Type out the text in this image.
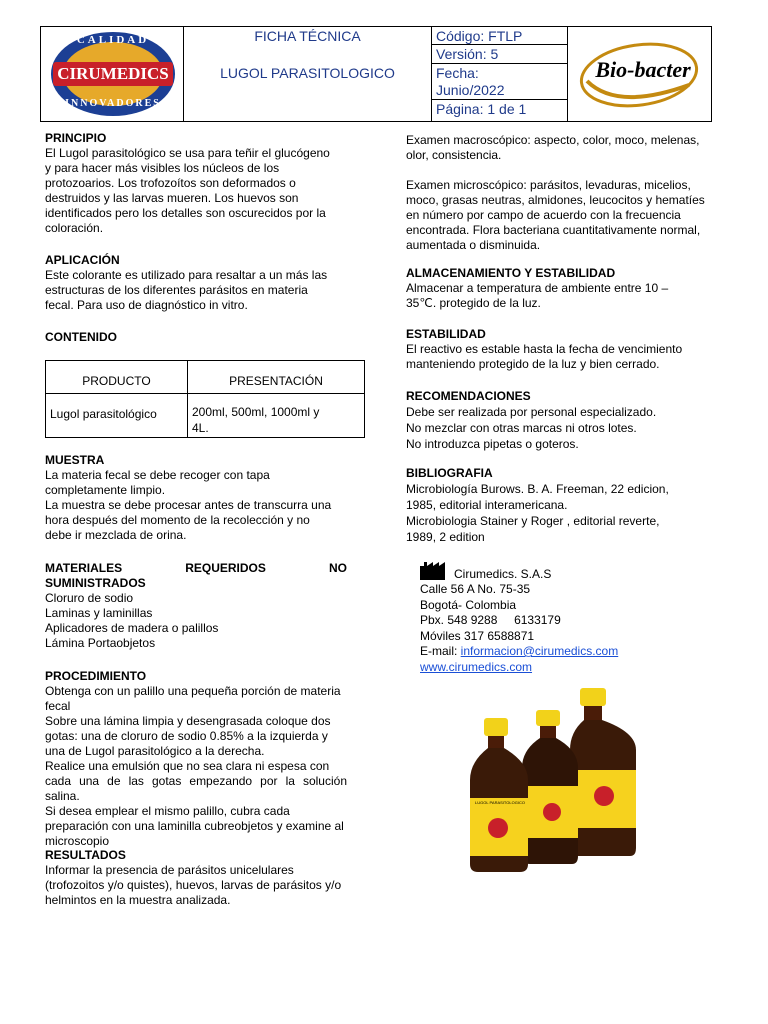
CIRUMEDICS
CALIDAD
INNOVADORES
FICHA TÉCNICA
LUGOL PARASITOLOGICO
Código: FTLP
Versión: 5
Fecha:
Junio/2022
Página: 1 de 1
Bio-bacter

PRINCIPIO

El Lugol parasitológico se usa para teñir el glucógeno

y para hacer más visibles los núcleos de los

protozoarios. Los trofozoítos son deformados o

destruidos y las larvas mueren. Los huevos son

identificados pero los detalles son oscurecidos por la

coloración.

APLICACIÓN

Este colorante es utilizado para resaltar a un más las

estructuras de los diferentes parásitos en materia

fecal. Para uso de diagnóstico in vitro.

CONTENIDO

PRODUCTO	PRESENTACIÓN
Lugol parasitológico	200ml, 500ml, 1000ml y
4L.

MUESTRA

La materia fecal se debe recoger con tapa

completamente limpio.

La muestra se debe procesar antes de transcurra una

hora después del momento de la recolección y no

debe ir mezclada de orina.

MATERIALES REQUERIDOS NO

SUMINISTRADOS

Cloruro de sodio

Laminas y laminillas

Aplicadores de madera o palillos

Lámina Portaobjetos

PROCEDIMIENTO

Obtenga con un palillo una pequeña porción de materia

fecal

Sobre una lámina limpia y desengrasada coloque dos

gotas: una de cloruro de sodio 0.85% a la izquierda y

una de Lugol parasitológico a la derecha.

Realice una emulsión que no sea clara ni espesa con

cada una de las gotas empezando por la solución salina.

Si desea emplear el mismo palillo, cubra cada

preparación con una laminilla cubreobjetos y examine al

microscopio

RESULTADOS

Informar la presencia de parásitos unicelulares

(trofozoitos y/o quistes), huevos, larvas de parásitos y/o

helmintos en la muestra analizada.

Examen macroscópico: aspecto, color, moco, melenas,

olor, consistencia.

Examen microscópico: parásitos, levaduras, micelios,

moco, grasas neutras, almidones, leucocitos y hematíes

en número por campo de acuerdo con la frecuencia

encontrada. Flora bacteriana cuantitativamente normal,

aumentada o disminuida.

ALMACENAMIENTO Y ESTABILIDAD

Almacenar a temperatura de ambiente entre 10 –

35℃. protegido de la luz.

ESTABILIDAD

El reactivo es estable hasta la fecha de vencimiento

manteniendo protegido de la luz y bien cerrado.

RECOMENDACIONES

Debe ser realizada por personal especializado.

No mezclar con otras marcas ni otros lotes.

No introduzca pipetas o goteros.

BIBLIOGRAFIA

Microbiología Burows. B. A. Freeman, 22 edicion,

1985, editorial interamericana.

Microbiologia Stainer y Roger , editorial reverte,

1989, 2 edition

Cirumedics. S.A.S

Calle 56 A No. 75-35

Bogotá- Colombia

Pbx. 548 9288     6133179

Móviles 317 6588871

E-mail: informacion@cirumedics.com

www.cirumedics.com

LUGOL PARASITOLOGICO
